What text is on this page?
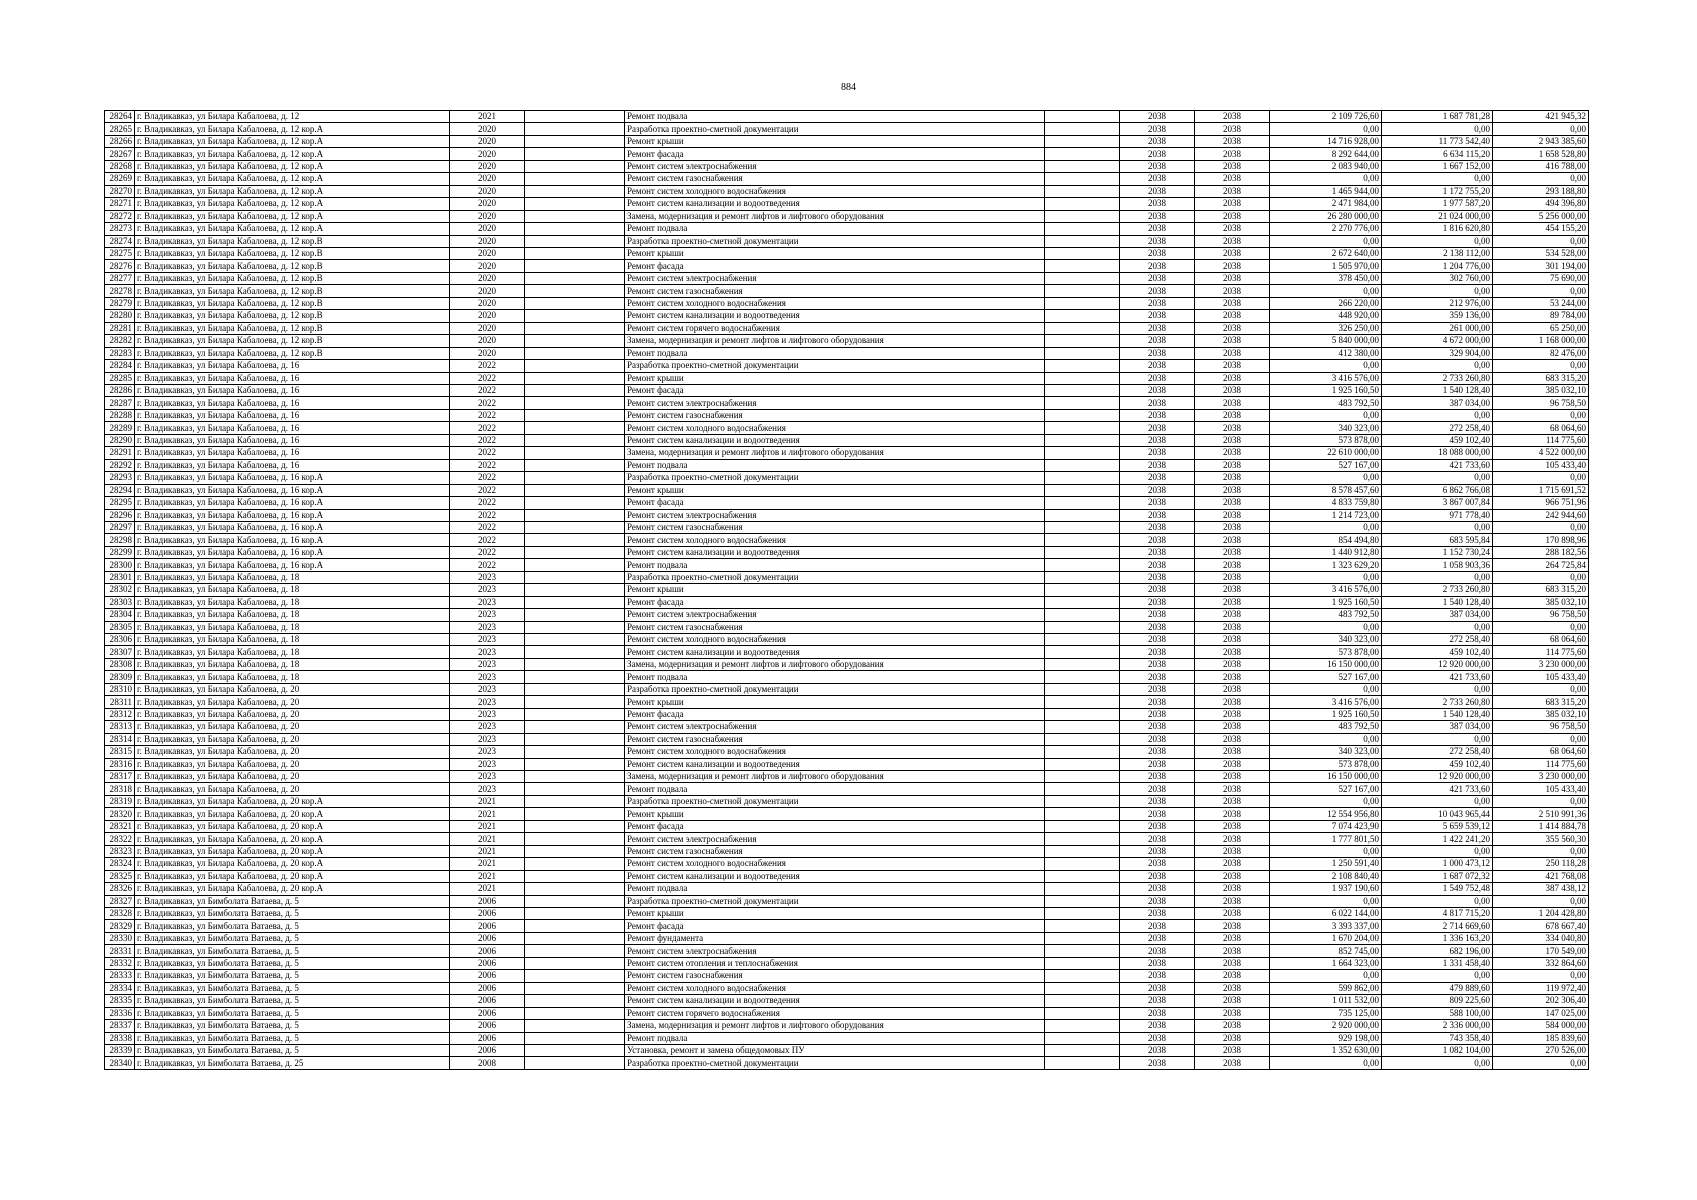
884
28264	г. Владикавказ, ул Билара Кабалоева, д. 12	2021		Ремонт подвала		2038	2038	2 109 726,60	1 687 781,28	421 945,32
28265	г. Владикавказ, ул Билара Кабалоева, д. 12 кор.А	2020		Разработка проектно-сметной документации		2038	2038	0,00	0,00	0,00
28266	г. Владикавказ, ул Билара Кабалоева, д. 12 кор.А	2020		Ремонт крыши		2038	2038	14 716 928,00	11 773 542,40	2 943 385,60
28267	г. Владикавказ, ул Билара Кабалоева, д. 12 кор.А	2020		Ремонт фасада		2038	2038	8 292 644,00	6 634 115,20	1 658 528,80
28268	г. Владикавказ, ул Билара Кабалоева, д. 12 кор.А	2020		Ремонт систем электроснабжения		2038	2038	2 083 940,00	1 667 152,00	416 788,00
28269	г. Владикавказ, ул Билара Кабалоева, д. 12 кор.А	2020		Ремонт систем газоснабжения		2038	2038	0,00	0,00	0,00
28270	г. Владикавказ, ул Билара Кабалоева, д. 12 кор.А	2020		Ремонт систем холодного водоснабжения		2038	2038	1 465 944,00	1 172 755,20	293 188,80
28271	г. Владикавказ, ул Билара Кабалоева, д. 12 кор.А	2020		Ремонт систем канализации и водоотведения		2038	2038	2 471 984,00	1 977 587,20	494 396,80
28272	г. Владикавказ, ул Билара Кабалоева, д. 12 кор.А	2020		Замена, модернизация и ремонт лифтов и лифтового оборудования		2038	2038	26 280 000,00	21 024 000,00	5 256 000,00
28273	г. Владикавказ, ул Билара Кабалоева, д. 12 кор.А	2020		Ремонт подвала		2038	2038	2 270 776,00	1 816 620,80	454 155,20
28274	г. Владикавказ, ул Билара Кабалоева, д. 12 кор.В	2020		Разработка проектно-сметной документации		2038	2038	0,00	0,00	0,00
28275	г. Владикавказ, ул Билара Кабалоева, д. 12 кор.В	2020		Ремонт крыши		2038	2038	2 672 640,00	2 138 112,00	534 528,00
28276	г. Владикавказ, ул Билара Кабалоева, д. 12 кор.В	2020		Ремонт фасада		2038	2038	1 505 970,00	1 204 776,00	301 194,00
28277	г. Владикавказ, ул Билара Кабалоева, д. 12 кор.В	2020		Ремонт систем электроснабжения		2038	2038	378 450,00	302 760,00	75 690,00
28278	г. Владикавказ, ул Билара Кабалоева, д. 12 кор.В	2020		Ремонт систем газоснабжения		2038	2038	0,00	0,00	0,00
28279	г. Владикавказ, ул Билара Кабалоева, д. 12 кор.В	2020		Ремонт систем холодного водоснабжения		2038	2038	266 220,00	212 976,00	53 244,00
28280	г. Владикавказ, ул Билара Кабалоева, д. 12 кор.В	2020		Ремонт систем канализации и водоотведения		2038	2038	448 920,00	359 136,00	89 784,00
28281	г. Владикавказ, ул Билара Кабалоева, д. 12 кор.В	2020		Ремонт систем горячего водоснабжения		2038	2038	326 250,00	261 000,00	65 250,00
28282	г. Владикавказ, ул Билара Кабалоева, д. 12 кор.В	2020		Замена, модернизация и ремонт лифтов и лифтового оборудования		2038	2038	5 840 000,00	4 672 000,00	1 168 000,00
28283	г. Владикавказ, ул Билара Кабалоева, д. 12 кор.В	2020		Ремонт подвала		2038	2038	412 380,00	329 904,00	82 476,00
28284	г. Владикавказ, ул Билара Кабалоева, д. 16	2022		Разработка проектно-сметной документации		2038	2038	0,00	0,00	0,00
28285	г. Владикавказ, ул Билара Кабалоева, д. 16	2022		Ремонт крыши		2038	2038	3 416 576,00	2 733 260,80	683 315,20
28286	г. Владикавказ, ул Билара Кабалоева, д. 16	2022		Ремонт фасада		2038	2038	1 925 160,50	1 540 128,40	385 032,10
28287	г. Владикавказ, ул Билара Кабалоева, д. 16	2022		Ремонт систем электроснабжения		2038	2038	483 792,50	387 034,00	96 758,50
28288	г. Владикавказ, ул Билара Кабалоева, д. 16	2022		Ремонт систем газоснабжения		2038	2038	0,00	0,00	0,00
28289	г. Владикавказ, ул Билара Кабалоева, д. 16	2022		Ремонт систем холодного водоснабжения		2038	2038	340 323,00	272 258,40	68 064,60
28290	г. Владикавказ, ул Билара Кабалоева, д. 16	2022		Ремонт систем канализации и водоотведения		2038	2038	573 878,00	459 102,40	114 775,60
28291	г. Владикавказ, ул Билара Кабалоева, д. 16	2022		Замена, модернизация и ремонт лифтов и лифтового оборудования		2038	2038	22 610 000,00	18 088 000,00	4 522 000,00
28292	г. Владикавказ, ул Билара Кабалоева, д. 16	2022		Ремонт подвала		2038	2038	527 167,00	421 733,60	105 433,40
28293	г. Владикавказ, ул Билара Кабалоева, д. 16 кор.А	2022		Разработка проектно-сметной документации		2038	2038	0,00	0,00	0,00
28294	г. Владикавказ, ул Билара Кабалоева, д. 16 кор.А	2022		Ремонт крыши		2038	2038	8 578 457,60	6 862 766,08	1 715 691,52
28295	г. Владикавказ, ул Билара Кабалоева, д. 16 кор.А	2022		Ремонт фасада		2038	2038	4 833 759,80	3 867 007,84	966 751,96
28296	г. Владикавказ, ул Билара Кабалоева, д. 16 кор.А	2022		Ремонт систем электроснабжения		2038	2038	1 214 723,00	971 778,40	242 944,60
28297	г. Владикавказ, ул Билара Кабалоева, д. 16 кор.А	2022		Ремонт систем газоснабжения		2038	2038	0,00	0,00	0,00
28298	г. Владикавказ, ул Билара Кабалоева, д. 16 кор.А	2022		Ремонт систем холодного водоснабжения		2038	2038	854 494,80	683 595,84	170 898,96
28299	г. Владикавказ, ул Билара Кабалоева, д. 16 кор.А	2022		Ремонт систем канализации и водоотведения		2038	2038	1 440 912,80	1 152 730,24	288 182,56
28300	г. Владикавказ, ул Билара Кабалоева, д. 16 кор.А	2022		Ремонт подвала		2038	2038	1 323 629,20	1 058 903,36	264 725,84
28301	г. Владикавказ, ул Билара Кабалоева, д. 18	2023		Разработка проектно-сметной документации		2038	2038	0,00	0,00	0,00
28302	г. Владикавказ, ул Билара Кабалоева, д. 18	2023		Ремонт крыши		2038	2038	3 416 576,00	2 733 260,80	683 315,20
28303	г. Владикавказ, ул Билара Кабалоева, д. 18	2023		Ремонт фасада		2038	2038	1 925 160,50	1 540 128,40	385 032,10
28304	г. Владикавказ, ул Билара Кабалоева, д. 18	2023		Ремонт систем электроснабжения		2038	2038	483 792,50	387 034,00	96 758,50
28305	г. Владикавказ, ул Билара Кабалоева, д. 18	2023		Ремонт систем газоснабжения		2038	2038	0,00	0,00	0,00
28306	г. Владикавказ, ул Билара Кабалоева, д. 18	2023		Ремонт систем холодного водоснабжения		2038	2038	340 323,00	272 258,40	68 064,60
28307	г. Владикавказ, ул Билара Кабалоева, д. 18	2023		Ремонт систем канализации и водоотведения		2038	2038	573 878,00	459 102,40	114 775,60
28308	г. Владикавказ, ул Билара Кабалоева, д. 18	2023		Замена, модернизация и ремонт лифтов и лифтового оборудования		2038	2038	16 150 000,00	12 920 000,00	3 230 000,00
28309	г. Владикавказ, ул Билара Кабалоева, д. 18	2023		Ремонт подвала		2038	2038	527 167,00	421 733,60	105 433,40
28310	г. Владикавказ, ул Билара Кабалоева, д. 20	2023		Разработка проектно-сметной документации		2038	2038	0,00	0,00	0,00
28311	г. Владикавказ, ул Билара Кабалоева, д. 20	2023		Ремонт крыши		2038	2038	3 416 576,00	2 733 260,80	683 315,20
28312	г. Владикавказ, ул Билара Кабалоева, д. 20	2023		Ремонт фасада		2038	2038	1 925 160,50	1 540 128,40	385 032,10
28313	г. Владикавказ, ул Билара Кабалоева, д. 20	2023		Ремонт систем электроснабжения		2038	2038	483 792,50	387 034,00	96 758,50
28314	г. Владикавказ, ул Билара Кабалоева, д. 20	2023		Ремонт систем газоснабжения		2038	2038	0,00	0,00	0,00
28315	г. Владикавказ, ул Билара Кабалоева, д. 20	2023		Ремонт систем холодного водоснабжения		2038	2038	340 323,00	272 258,40	68 064,60
28316	г. Владикавказ, ул Билара Кабалоева, д. 20	2023		Ремонт систем канализации и водоотведения		2038	2038	573 878,00	459 102,40	114 775,60
28317	г. Владикавказ, ул Билара Кабалоева, д. 20	2023		Замена, модернизация и ремонт лифтов и лифтового оборудования		2038	2038	16 150 000,00	12 920 000,00	3 230 000,00
28318	г. Владикавказ, ул Билара Кабалоева, д. 20	2023		Ремонт подвала		2038	2038	527 167,00	421 733,60	105 433,40
28319	г. Владикавказ, ул Билара Кабалоева, д. 20 кор.А	2021		Разработка проектно-сметной документации		2038	2038	0,00	0,00	0,00
28320	г. Владикавказ, ул Билара Кабалоева, д. 20 кор.А	2021		Ремонт крыши		2038	2038	12 554 956,80	10 043 965,44	2 510 991,36
28321	г. Владикавказ, ул Билара Кабалоева, д. 20 кор.А	2021		Ремонт фасада		2038	2038	7 074 423,90	5 659 539,12	1 414 884,78
28322	г. Владикавказ, ул Билара Кабалоева, д. 20 кор.А	2021		Ремонт систем электроснабжения		2038	2038	1 777 801,50	1 422 241,20	355 560,30
28323	г. Владикавказ, ул Билара Кабалоева, д. 20 кор.А	2021		Ремонт систем газоснабжения		2038	2038	0,00	0,00	0,00
28324	г. Владикавказ, ул Билара Кабалоева, д. 20 кор.А	2021		Ремонт систем холодного водоснабжения		2038	2038	1 250 591,40	1 000 473,12	250 118,28
28325	г. Владикавказ, ул Билара Кабалоева, д. 20 кор.А	2021		Ремонт систем канализации и водоотведения		2038	2038	2 108 840,40	1 687 072,32	421 768,08
28326	г. Владикавказ, ул Билара Кабалоева, д. 20 кор.А	2021		Ремонт подвала		2038	2038	1 937 190,60	1 549 752,48	387 438,12
28327	г. Владикавказ, ул Бимболата Ватаева, д. 5	2006		Разработка проектно-сметной документации		2038	2038	0,00	0,00	0,00
28328	г. Владикавказ, ул Бимболата Ватаева, д. 5	2006		Ремонт крыши		2038	2038	6 022 144,00	4 817 715,20	1 204 428,80
28329	г. Владикавказ, ул Бимболата Ватаева, д. 5	2006		Ремонт фасада		2038	2038	3 393 337,00	2 714 669,60	678 667,40
28330	г. Владикавказ, ул Бимболата Ватаева, д. 5	2006		Ремонт фундамента		2038	2038	1 670 204,00	1 336 163,20	334 040,80
28331	г. Владикавказ, ул Бимболата Ватаева, д. 5	2006		Ремонт систем электроснабжения		2038	2038	852 745,00	682 196,00	170 549,00
28332	г. Владикавказ, ул Бимболата Ватаева, д. 5	2006		Ремонт систем отопления и теплоснабжения		2038	2038	1 664 323,00	1 331 458,40	332 864,60
28333	г. Владикавказ, ул Бимболата Ватаева, д. 5	2006		Ремонт систем газоснабжения		2038	2038	0,00	0,00	0,00
28334	г. Владикавказ, ул Бимболата Ватаева, д. 5	2006		Ремонт систем холодного водоснабжения		2038	2038	599 862,00	479 889,60	119 972,40
28335	г. Владикавказ, ул Бимболата Ватаева, д. 5	2006		Ремонт систем канализации и водоотведения		2038	2038	1 011 532,00	809 225,60	202 306,40
28336	г. Владикавказ, ул Бимболата Ватаева, д. 5	2006		Ремонт систем горячего водоснабжения		2038	2038	735 125,00	588 100,00	147 025,00
28337	г. Владикавказ, ул Бимболата Ватаева, д. 5	2006		Замена, модернизация и ремонт лифтов и лифтового оборудования		2038	2038	2 920 000,00	2 336 000,00	584 000,00
28338	г. Владикавказ, ул Бимболата Ватаева, д. 5	2006		Ремонт подвала		2038	2038	929 198,00	743 358,40	185 839,60
28339	г. Владикавказ, ул Бимболата Ватаева, д. 5	2006		Установка, ремонт и замена общедомовых ПУ		2038	2038	1 352 630,00	1 082 104,00	270 526,00
28340	г. Владикавказ, ул Бимболата Ватаева, д. 25	2008		Разработка проектно-сметной документации		2038	2038	0,00	0,00	0,00
